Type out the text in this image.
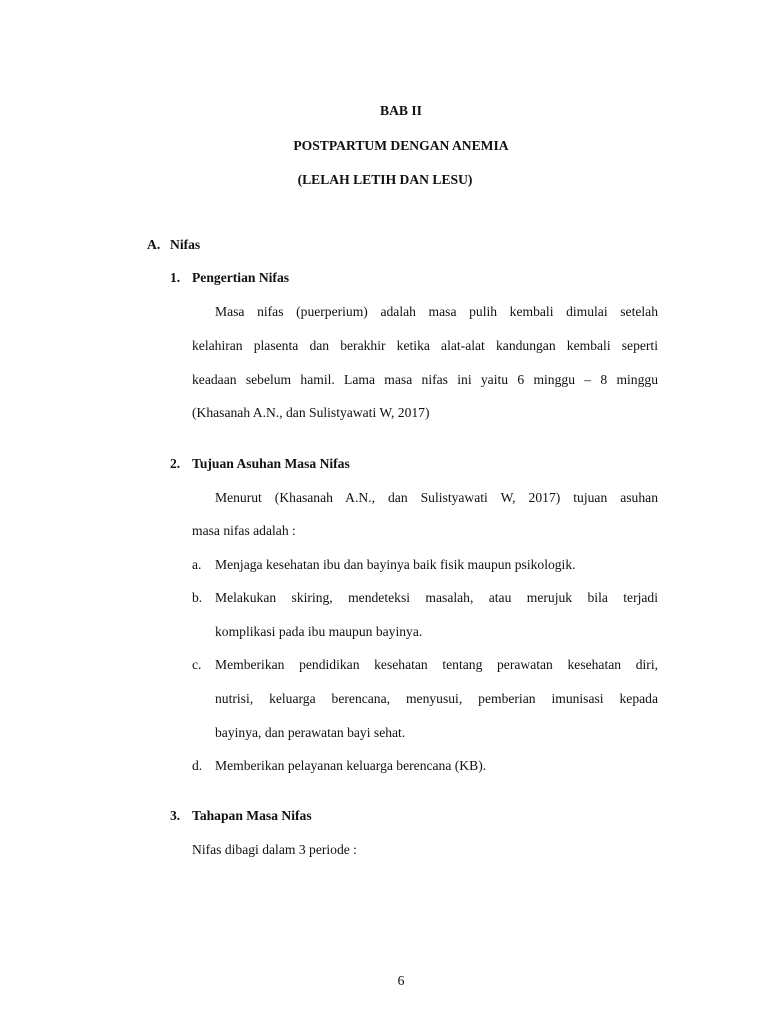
BAB II
POSTPARTUM DENGAN ANEMIA
(LELAH LETIH DAN LESU)
A. Nifas
1. Pengertian Nifas
Masa nifas (puerperium) adalah masa pulih kembali dimulai setelah
kelahiran plasenta dan berakhir ketika alat-alat kandungan kembali seperti
keadaan sebelum hamil. Lama masa nifas ini yaitu 6 minggu – 8 minggu
(Khasanah A.N., dan Sulistyawati W, 2017)
2. Tujuan Asuhan Masa Nifas
Menurut (Khasanah A.N., dan Sulistyawati W, 2017) tujuan asuhan
masa nifas adalah :
a. Menjaga kesehatan ibu dan bayinya baik fisik maupun psikologik.
b. Melakukan skiring, mendeteksi masalah, atau merujuk bila terjadi
komplikasi pada ibu maupun bayinya.
c. Memberikan pendidikan kesehatan tentang perawatan kesehatan diri,
nutrisi, keluarga berencana, menyusui, pemberian imunisasi kepada
bayinya, dan perawatan bayi sehat.
d. Memberikan pelayanan keluarga berencana (KB).
3. Tahapan Masa Nifas
Nifas dibagi dalam 3 periode :
6
